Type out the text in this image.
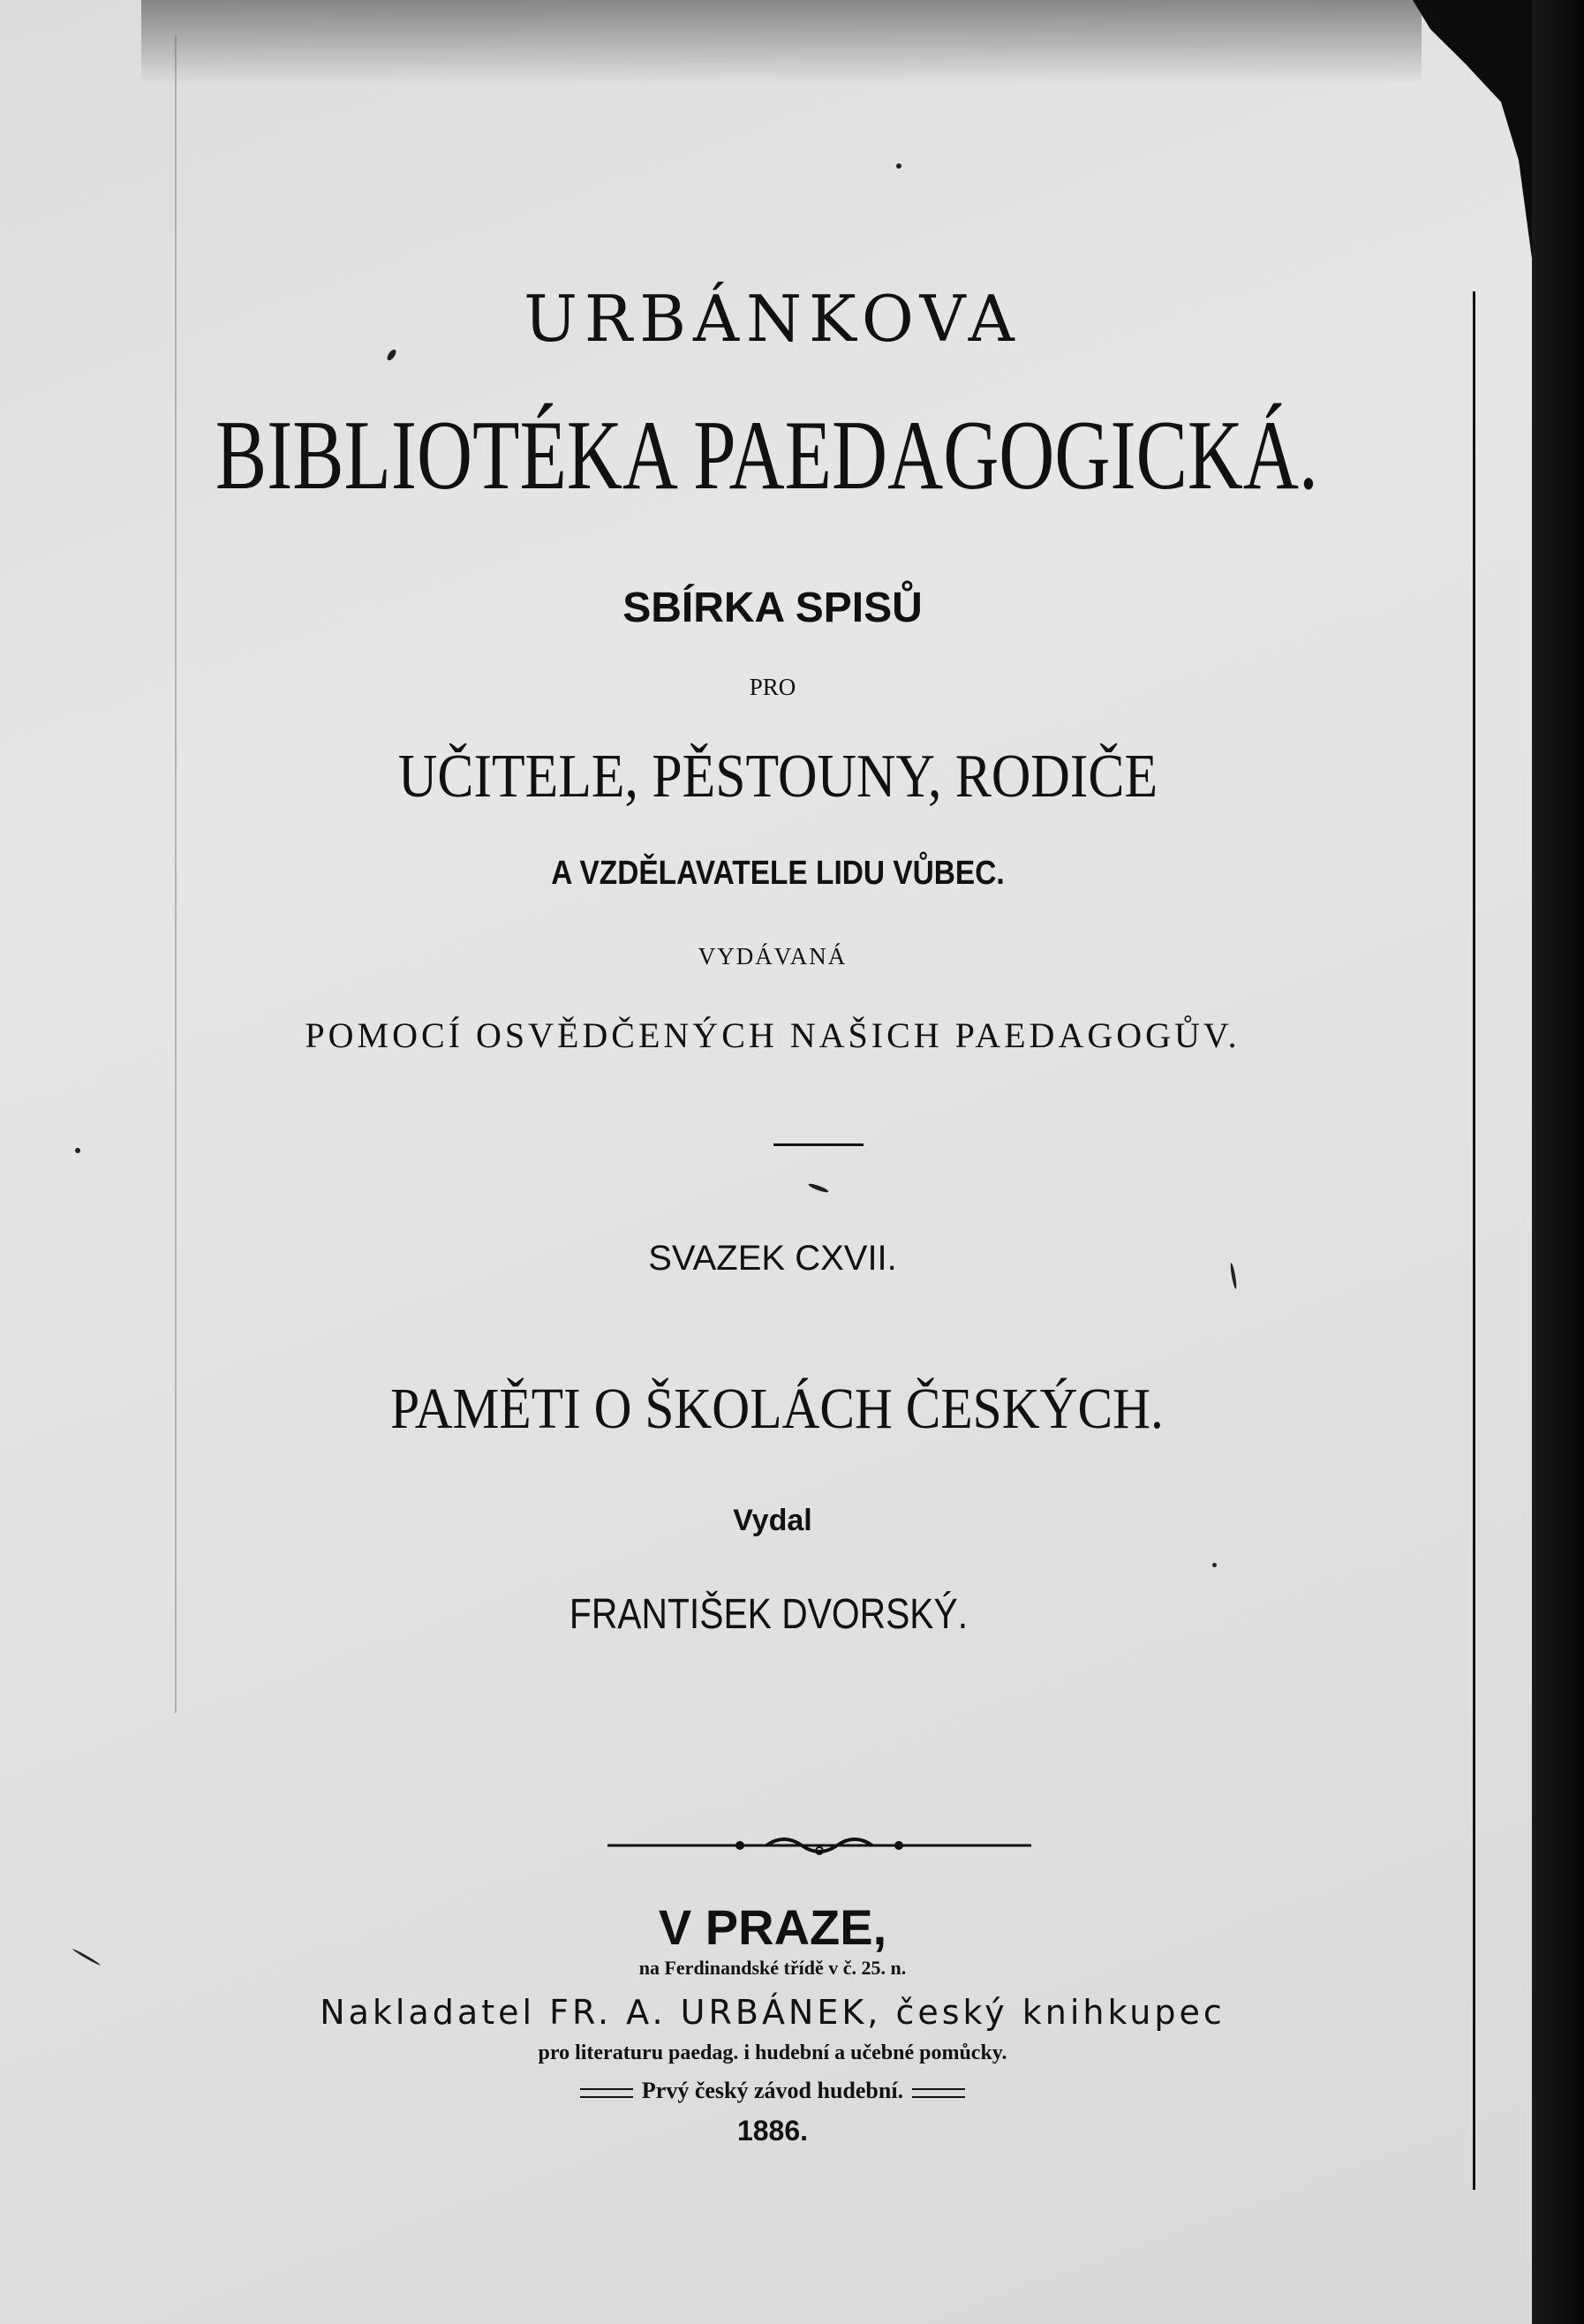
URBÁNKOVA
BIBLIOTÉKA PAEDAGOGICKÁ.
SBÍRKA SPISŮ
PRO
UČITELE, PĚSTOUNY, RODIČE
A VZDĚLAVATELE LIDU VŮBEC.
VYDÁVANÁ
POMOCÍ OSVĚDČENÝCH NAŠICH PAEDAGOGŮV.
SVAZEK CXVII.
PAMĚTI O ŠKOLÁCH ČESKÝCH.
Vydal
FRANTIŠEK DVORSKÝ.
V PRAZE,
na Ferdinandské třídě v č. 25. n.
Nakladatel FR. A. URBÁNEK, český knihkupec
pro literaturu paedag. i hudební a učebné pomůcky.
Prvý český závod hudební.
1886.
